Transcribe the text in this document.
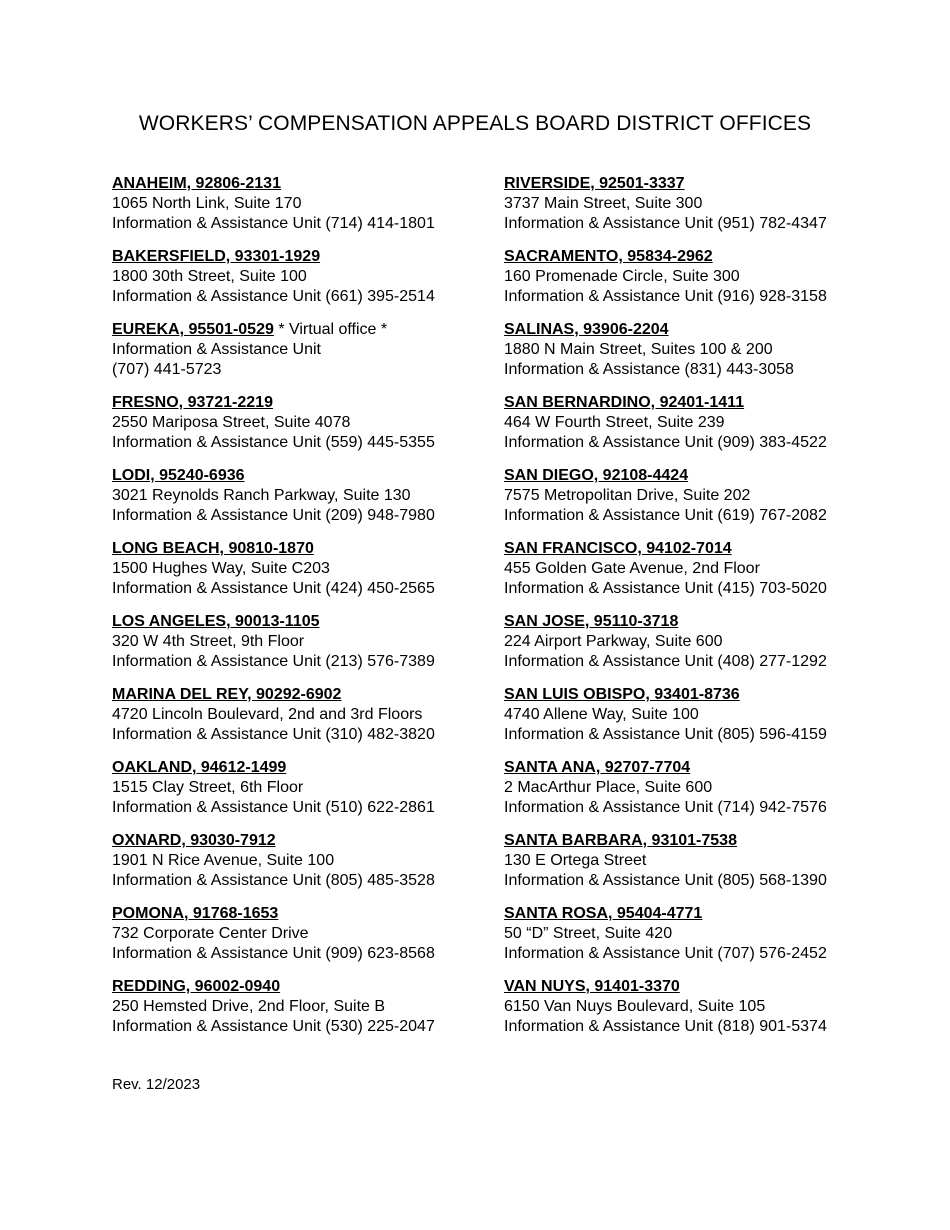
WORKERS’ COMPENSATION APPEALS BOARD DISTRICT OFFICES
ANAHEIM, 92806-2131
1065 North Link, Suite 170
Information & Assistance Unit (714) 414-1801
BAKERSFIELD, 93301-1929
1800 30th Street, Suite 100
Information & Assistance Unit (661) 395-2514
EUREKA, 95501-0529 * Virtual office *
Information & Assistance Unit
(707) 441-5723
FRESNO, 93721-2219
2550 Mariposa Street, Suite 4078
Information & Assistance Unit (559) 445-5355
LODI, 95240-6936
3021 Reynolds Ranch Parkway, Suite 130
Information & Assistance Unit (209) 948-7980
LONG BEACH, 90810-1870
1500 Hughes Way, Suite C203
Information & Assistance Unit (424) 450-2565
LOS ANGELES, 90013-1105
320 W 4th Street, 9th Floor
Information & Assistance Unit (213) 576-7389
MARINA DEL REY, 90292-6902
4720 Lincoln Boulevard, 2nd and 3rd Floors
Information & Assistance Unit (310) 482-3820
OAKLAND, 94612-1499
1515 Clay Street, 6th Floor
Information & Assistance Unit (510) 622-2861
OXNARD, 93030-7912
1901 N Rice Avenue, Suite 100
Information & Assistance Unit (805) 485-3528
POMONA, 91768-1653
732 Corporate Center Drive
Information & Assistance Unit (909) 623-8568
REDDING, 96002-0940
250 Hemsted Drive, 2nd Floor, Suite B
Information & Assistance Unit (530) 225-2047
RIVERSIDE, 92501-3337
3737 Main Street, Suite 300
Information & Assistance Unit (951) 782-4347
SACRAMENTO, 95834-2962
160 Promenade Circle, Suite 300
Information & Assistance Unit (916) 928-3158
SALINAS, 93906-2204
1880 N Main Street, Suites 100 & 200
Information & Assistance (831) 443-3058
SAN BERNARDINO, 92401-1411
464 W Fourth Street, Suite 239
Information & Assistance Unit (909) 383-4522
SAN DIEGO, 92108-4424
7575 Metropolitan Drive, Suite 202
Information & Assistance Unit (619) 767-2082
SAN FRANCISCO, 94102-7014
455 Golden Gate Avenue, 2nd Floor
Information & Assistance Unit (415) 703-5020
SAN JOSE, 95110-3718
224 Airport Parkway, Suite 600
Information & Assistance Unit (408) 277-1292
SAN LUIS OBISPO, 93401-8736
4740 Allene Way, Suite 100
Information & Assistance Unit (805) 596-4159
SANTA ANA, 92707-7704
2 MacArthur Place, Suite 600
Information & Assistance Unit (714) 942-7576
SANTA BARBARA, 93101-7538
130 E Ortega Street
Information & Assistance Unit (805) 568-1390
SANTA ROSA, 95404-4771
50 “D” Street, Suite 420
Information & Assistance Unit (707) 576-2452
VAN NUYS, 91401-3370
6150 Van Nuys Boulevard, Suite 105
Information & Assistance Unit (818) 901-5374
Rev. 12/2023
